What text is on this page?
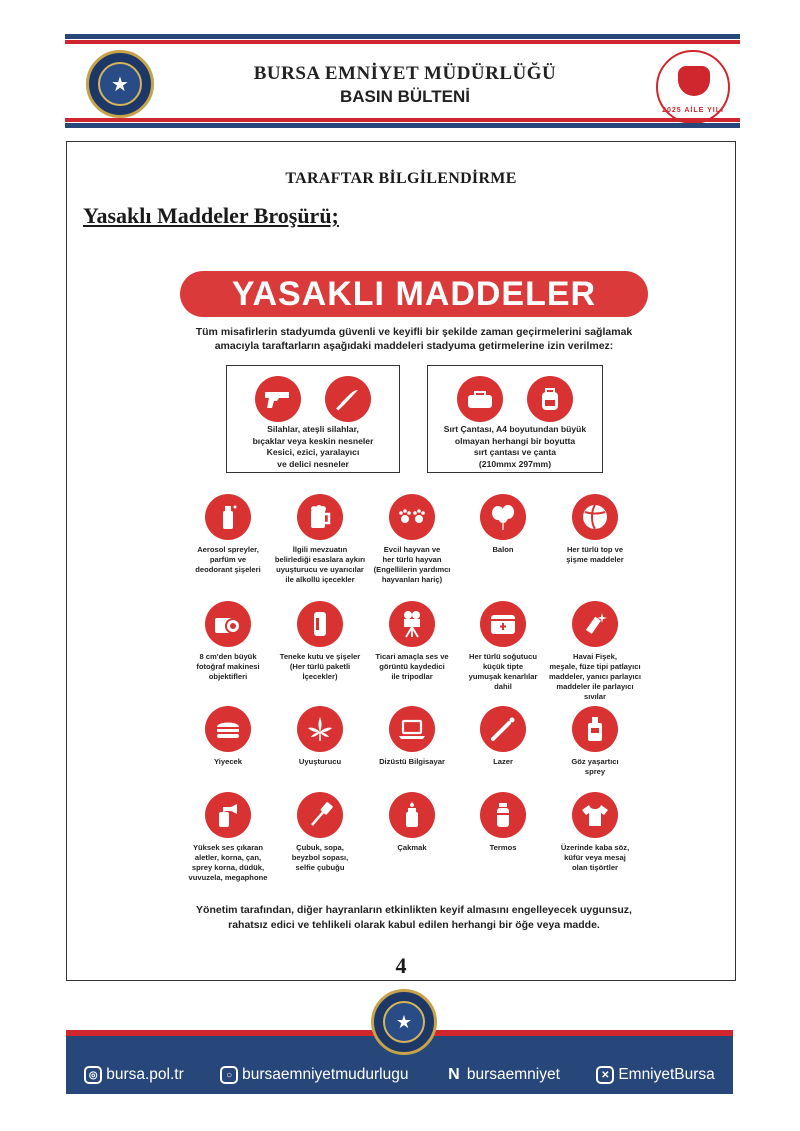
★	BURSA EMNİYET MÜDÜRLÜĞÜ
BASIN BÜLTENİ
2025 AİLE YILI
TARAFTAR BİLGİLENDİRME
Yasaklı Maddeler Broşürü;
YASAKLI MADDELER
Tüm misafirlerin stadyumda güvenli ve keyifli bir şekilde zaman geçirmelerini sağlamak
amacıyla taraftarların aşağıdaki maddeleri stadyuma getirmelerine izin verilmez:
Silahlar, ateşli silahlar,
bıçaklar veya keskin nesneler
Kesici, ezici, yaralayıcı
ve delici nesneler
Sırt Çantası, A4 boyutundan büyük
olmayan herhangi bir boyutta
sırt çantası ve çanta
(210mmx 297mm)
Aerosol spreyler,
parfüm ve
deodorant şişeleri
İlgili mevzuatın
belirlediği esaslara aykırı
uyuşturucu ve uyarıcılar
ile alkollü içecekler
Evcil hayvan ve
her türlü hayvan
(Engellilerin yardımcı
hayvanları hariç)
Balon	Her türlü top ve
şişme maddeler
8 cm'den büyük
fotoğraf makinesi
objektifleri
Teneke kutu ve şişeler
(Her türlü paketli
İçecekler)
Ticari amaçla ses ve
görüntü kaydedici
ile tripodlar
Her türlü soğutucu
küçük tipte
yumuşak kenarlılar
dahil
Havai Fişek,
meşale, füze tipi patlayıcı
maddeler, yanıcı parlayıcı
maddeler ile parlayıcı sıvılar
Yiyecek	Uyuşturucu	Dizüstü Bilgisayar	Lazer	Göz yaşartıcı
sprey
Yüksek ses çıkaran
aletler, korna, çan,
sprey korna, düdük,
vuvuzela, megaphone
Çubuk, sopa,
beyzbol sopası,
selfie çubuğu
Çakmak	Termos	Üzerinde kaba söz,
küfür veya mesaj
olan tişörtler
Yönetim tarafından, diğer hayranların etkinlikten keyif almasını engelleyecek uygunsuz,
rahatsız edici ve tehlikeli olarak kabul edilen herhangi bir öğe veya madde.
4
★
◎ bursa.pol.tr	○ bursaemniyetmudurlugu N bursaemniyet	✕ EmniyetBursa
